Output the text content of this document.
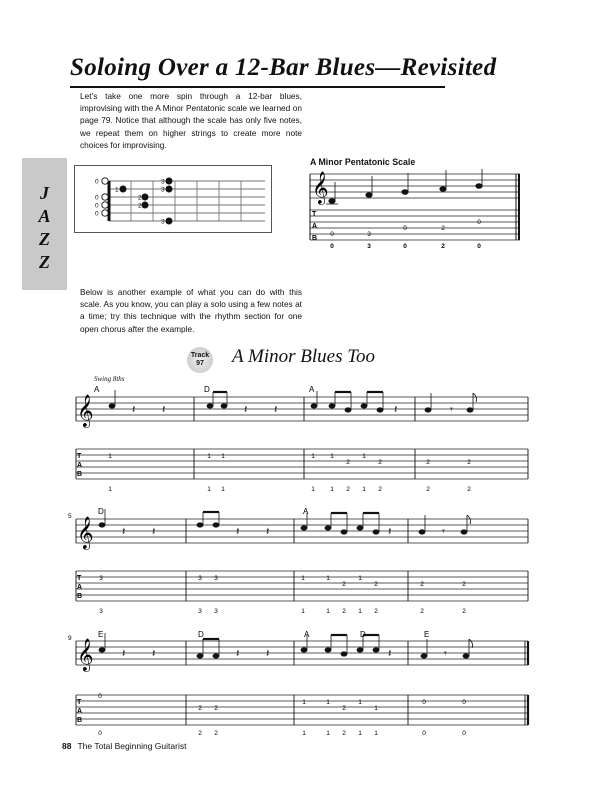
Soloing Over a 12-Bar Blues—Revisited
Let’s take one more spin through a 12-bar blues, improvising with the A Minor Pentatonic scale we learned on page 79. Notice that although the scale has only five notes, we repeat them on higher strings to create more note choices for improvising.
J
A
Z
Z
0
0
0
0
1
2
2
3
3
3
A Minor Pentatonic Scale
𝄞
T
A
B
0	3
0	2
0
0	3	0	2	0
Below is another example of what you can do with this scale. As you know, you can play a solo using a few notes at a time; try this technique with the rhythm section for one open chorus after the example.
Track
97	A Minor Blues Too
Swing 8ths
A	D	A
𝄞
T
A
B
𝄽 𝄽	𝄽 𝄽	𝄽	𝄾
1	1 1	1 1
2
1
2	2	2
1	1 1	1 1 2 1 2	2	2
5
D	A
𝄞
T
A
B
𝄽 𝄽	𝄽 𝄽	𝄽	𝄾
3	3 3	1	1
2
1
2	2	2
3	3 3	1	1 2 1 2	2	2
9	E	D	A	D	E
𝄞
T
A
B
𝄽 𝄽	𝄽 𝄽	𝄽	𝄾
0
2 2
1	1
2
1
1
0	0
0	2 2	1	1 2 1 1	0	0
88 The Total Beginning Guitarist
